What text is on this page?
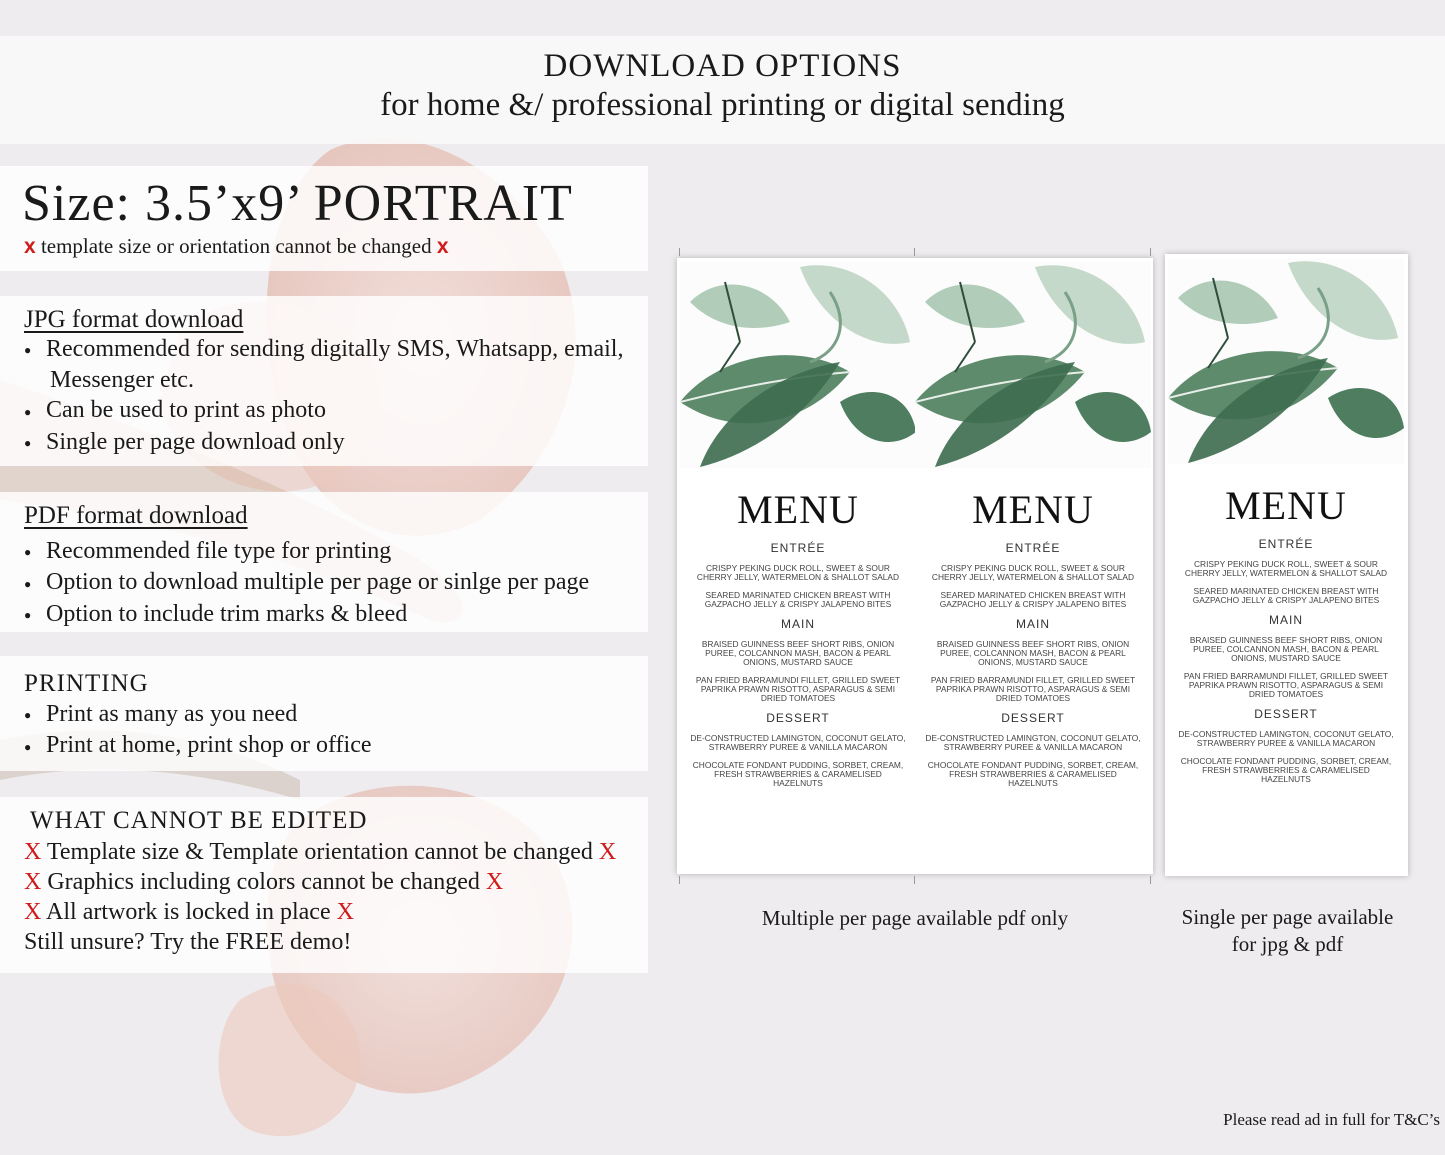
DOWNLOAD OPTIONS
for home &/ professional printing or digital sending
Size: 3.5’x9’ PORTRAIT
x template size or orientation cannot be changed x
JPG format download
● Recommended for sending digitally SMS, Whatsapp, email,
Messenger etc.
● Can be used to print as photo
● Single per page download only
PDF format download
● Recommended file type for printing
● Option to download multiple per page or sinlge per page
● Option to include trim marks & bleed
PRINTING
● Print as many as you need
● Print at home, print shop or office
WHAT CANNOT BE EDITED
X Template size & Template orientation cannot be changed X
X Graphics including colors cannot be changed X
X All artwork is locked in place X
Still unsure? Try the FREE demo!
MENU
ENTRÉE
CRISPY PEKING DUCK ROLL, SWEET & SOUR CHERRY JELLY, WATERMELON & SHALLOT SALAD
SEARED MARINATED CHICKEN BREAST WITH GAZPACHO JELLY & CRISPY JALAPENO BITES
MAIN
BRAISED GUINNESS BEEF SHORT RIBS, ONION PUREE, COLCANNON MASH, BACON & PEARL ONIONS, MUSTARD SAUCE
PAN FRIED BARRAMUNDI FILLET, GRILLED SWEET PAPRIKA PRAWN RISOTTO, ASPARAGUS & SEMI DRIED TOMATOES
DESSERT
DE-CONSTRUCTED LAMINGTON, COCONUT GELATO, STRAWBERRY PUREE & VANILLA MACARON
CHOCOLATE FONDANT PUDDING, SORBET, CREAM, FRESH STRAWBERRIES & CARAMELISED HAZELNUTS
MENU
ENTRÉE
CRISPY PEKING DUCK ROLL, SWEET & SOUR CHERRY JELLY, WATERMELON & SHALLOT SALAD
SEARED MARINATED CHICKEN BREAST WITH GAZPACHO JELLY & CRISPY JALAPENO BITES
MAIN
BRAISED GUINNESS BEEF SHORT RIBS, ONION PUREE, COLCANNON MASH, BACON & PEARL ONIONS, MUSTARD SAUCE
PAN FRIED BARRAMUNDI FILLET, GRILLED SWEET PAPRIKA PRAWN RISOTTO, ASPARAGUS & SEMI DRIED TOMATOES
DESSERT
DE-CONSTRUCTED LAMINGTON, COCONUT GELATO, STRAWBERRY PUREE & VANILLA MACARON
CHOCOLATE FONDANT PUDDING, SORBET, CREAM, FRESH STRAWBERRIES & CARAMELISED HAZELNUTS
MENU
ENTRÉE
CRISPY PEKING DUCK ROLL, SWEET & SOUR CHERRY JELLY, WATERMELON & SHALLOT SALAD
SEARED MARINATED CHICKEN BREAST WITH GAZPACHO JELLY & CRISPY JALAPENO BITES
MAIN
BRAISED GUINNESS BEEF SHORT RIBS, ONION PUREE, COLCANNON MASH, BACON & PEARL ONIONS, MUSTARD SAUCE
PAN FRIED BARRAMUNDI FILLET, GRILLED SWEET PAPRIKA PRAWN RISOTTO, ASPARAGUS & SEMI DRIED TOMATOES
DESSERT
DE-CONSTRUCTED LAMINGTON, COCONUT GELATO, STRAWBERRY PUREE & VANILLA MACARON
CHOCOLATE FONDANT PUDDING, SORBET, CREAM, FRESH STRAWBERRIES & CARAMELISED HAZELNUTS
Multiple per page available pdf only	Single per page available
for jpg & pdf
Please read ad in full for T&C’s
